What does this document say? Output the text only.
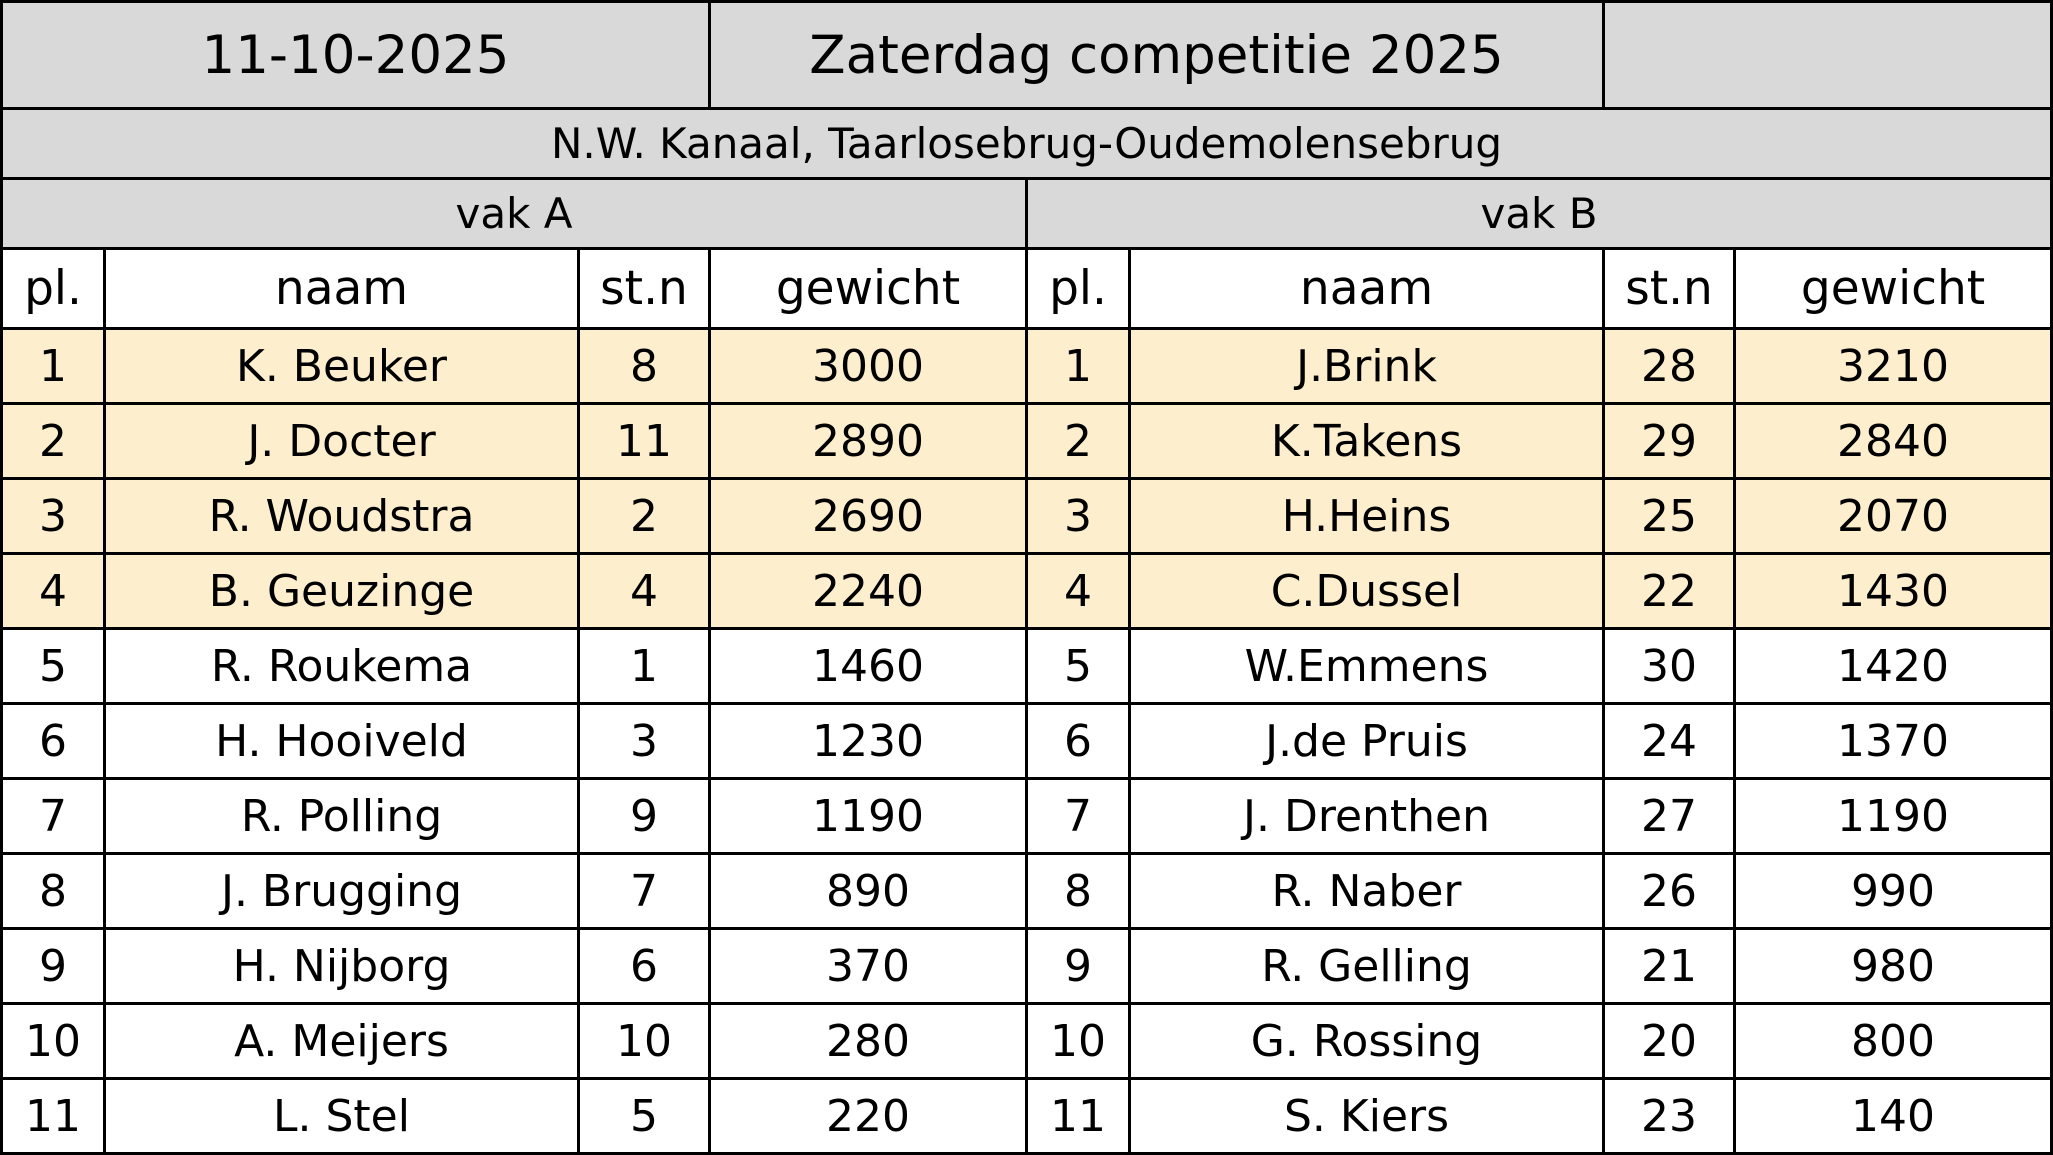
11-10-2025			Zaterdag competitie 2025				
N.W. Kanaal, Taarlosebrug-Oudemolensebrug							
vak A				vak B			
pl.	naam	st.n	gewicht	pl.	naam	st.n	gewicht
1	K. Beuker	8	3000	1	J.Brink	28	3210
2	J. Docter	11	2890	2	K.Takens	29	2840
3	R. Woudstra	2	2690	3	H.Heins	25	2070
4	B. Geuzinge	4	2240	4	C.Dussel	22	1430
5	R. Roukema	1	1460	5	W.Emmens	30	1420
6	H. Hooiveld	3	1230	6	J.de Pruis	24	1370
7	R. Polling	9	1190	7	J. Drenthen	27	1190
8	J. Brugging	7	890	8	R. Naber	26	990
9	H. Nijborg	6	370	9	R. Gelling	21	980
10	A. Meijers	10	280	10	G. Rossing	20	800
11	L. Stel	5	220	11	S. Kiers	23	140
